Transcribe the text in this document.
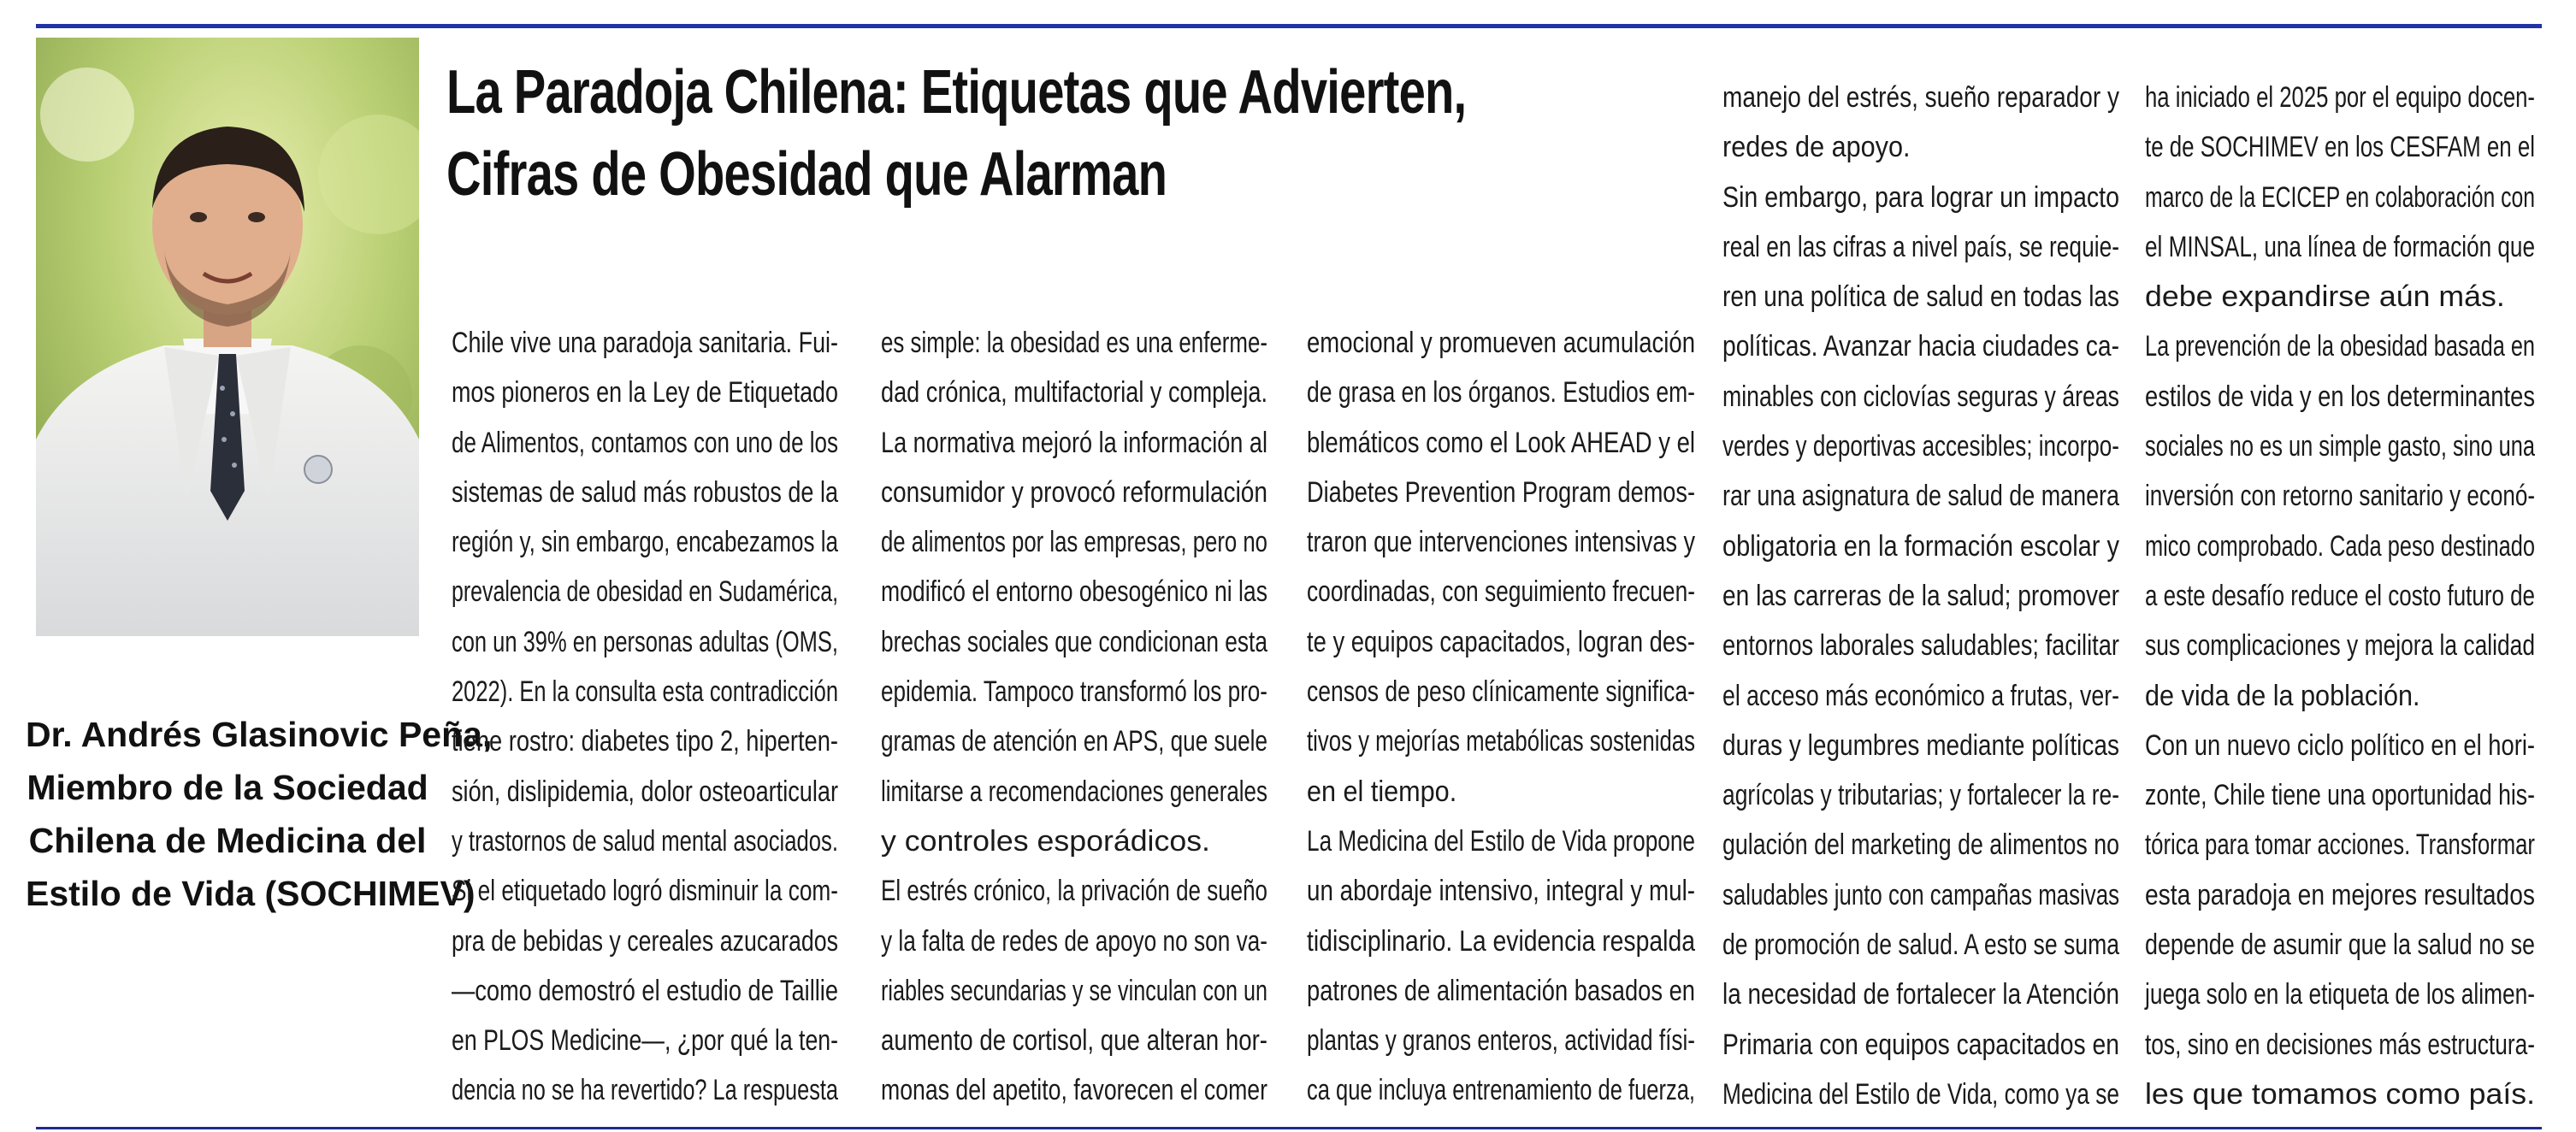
Dr. Andrés Glasinovic Peña,
Miembro de la Sociedad
Chilena de Medicina del
Estilo de Vida (SOCHIMEV)
La Paradoja Chilena: Etiquetas que Advierten,
Cifras de Obesidad que Alarman
Chile vive una paradoja sanitaria. Fui-
mos pioneros en la Ley de Etiquetado
de Alimentos, contamos con uno de los
sistemas de salud más robustos de la
región y, sin embargo, encabezamos la
prevalencia de obesidad en Sudamérica,
con un 39% en personas adultas (OMS,
2022). En la consulta esta contradicción
tiene rostro: diabetes tipo 2, hiperten-
sión, dislipidemia, dolor osteoarticular
y trastornos de salud mental asociados.
Si el etiquetado logró disminuir la com-
pra de bebidas y cereales azucarados
—como demostró el estudio de Taillie
en PLOS Medicine—, ¿por qué la ten-
dencia no se ha revertido? La respuesta
es simple: la obesidad es una enferme-
dad crónica, multifactorial y compleja.
La normativa mejoró la información al
consumidor y provocó reformulación
de alimentos por las empresas, pero no
modificó el entorno obesogénico ni las
brechas sociales que condicionan esta
epidemia. Tampoco transformó los pro-
gramas de atención en APS, que suele
limitarse a recomendaciones generales
y controles esporádicos.
El estrés crónico, la privación de sueño
y la falta de redes de apoyo no son va-
riables secundarias y se vinculan con un
aumento de cortisol, que alteran hor-
monas del apetito, favorecen el comer
emocional y promueven acumulación
de grasa en los órganos. Estudios em-
blemáticos como el Look AHEAD y el
Diabetes Prevention Program demos-
traron que intervenciones intensivas y
coordinadas, con seguimiento frecuen-
te y equipos capacitados, logran des-
censos de peso clínicamente significa-
tivos y mejorías metabólicas sostenidas
en el tiempo.
La Medicina del Estilo de Vida propone
un abordaje intensivo, integral y mul-
tidisciplinario. La evidencia respalda
patrones de alimentación basados en
plantas y granos enteros, actividad físi-
ca que incluya entrenamiento de fuerza,
manejo del estrés, sueño reparador y
redes de apoyo.
Sin embargo, para lograr un impacto
real en las cifras a nivel país, se requie-
ren una política de salud en todas las
políticas. Avanzar hacia ciudades ca-
minables con ciclovías seguras y áreas
verdes y deportivas accesibles; incorpo-
rar una asignatura de salud de manera
obligatoria en la formación escolar y
en las carreras de la salud; promover
entornos laborales saludables; facilitar
el acceso más económico a frutas, ver-
duras y legumbres mediante políticas
agrícolas y tributarias; y fortalecer la re-
gulación del marketing de alimentos no
saludables junto con campañas masivas
de promoción de salud. A esto se suma
la necesidad de fortalecer la Atención
Primaria con equipos capacitados en
Medicina del Estilo de Vida, como ya se
ha iniciado el 2025 por el equipo docen-
te de SOCHIMEV en los CESFAM en el
marco de la ECICEP en colaboración con
el MINSAL, una línea de formación que
debe expandirse aún más.
La prevención de la obesidad basada en
estilos de vida y en los determinantes
sociales no es un simple gasto, sino una
inversión con retorno sanitario y econó-
mico comprobado. Cada peso destinado
a este desafío reduce el costo futuro de
sus complicaciones y mejora la calidad
de vida de la población.
Con un nuevo ciclo político en el hori-
zonte, Chile tiene una oportunidad his-
tórica para tomar acciones. Transformar
esta paradoja en mejores resultados
depende de asumir que la salud no se
juega solo en la etiqueta de los alimen-
tos, sino en decisiones más estructura-
les que tomamos como país.
